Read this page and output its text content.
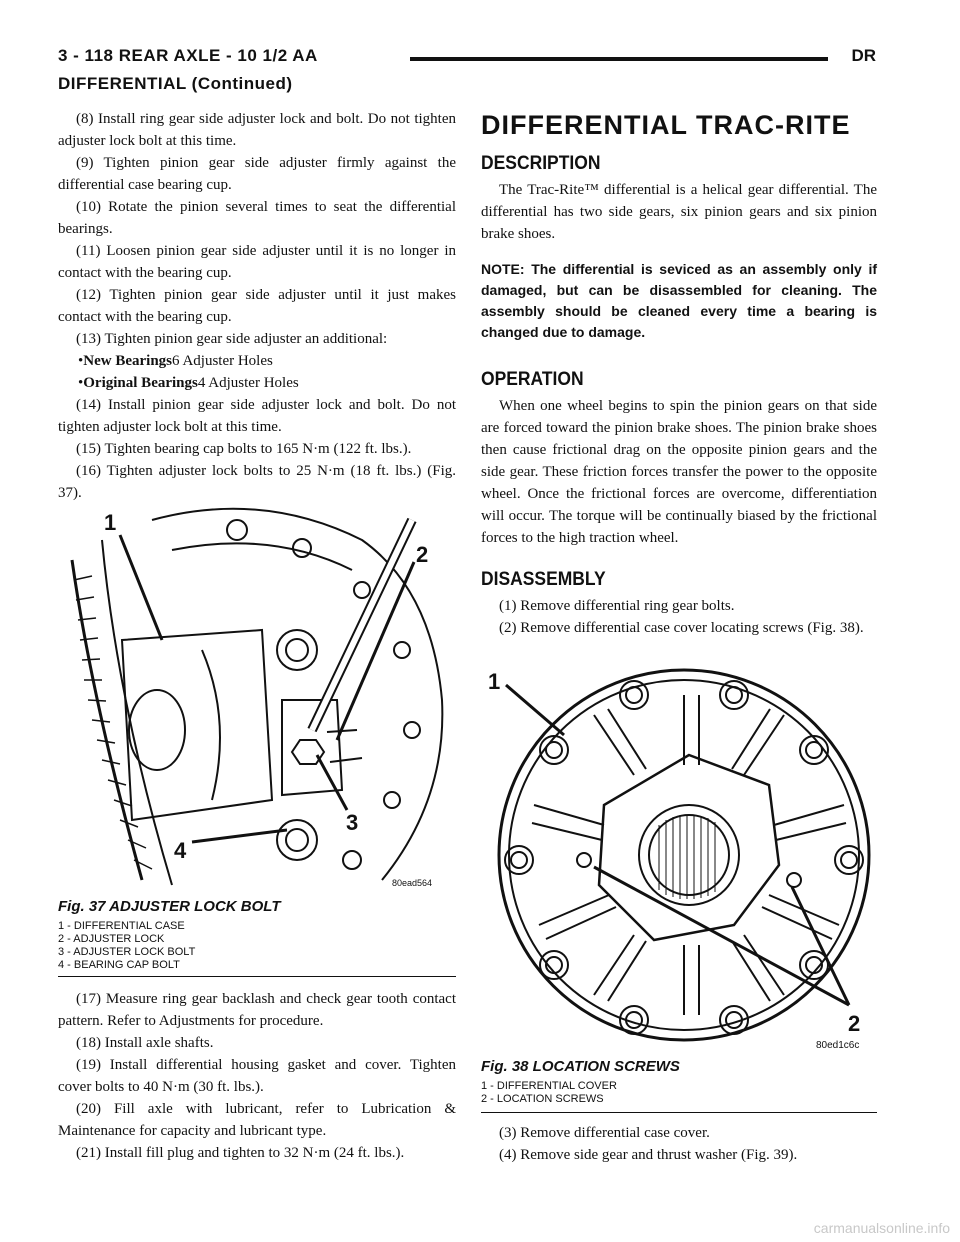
3 - 118 REAR AXLE - 10 1/2 AA	DR
DIFFERENTIAL (Continued)

(8) Install ring gear side adjuster lock and bolt. Do not tighten adjuster lock bolt at this time.

(9) Tighten pinion gear side adjuster firmly against the differential case bearing cup.

(10) Rotate the pinion several times to seat the differential bearings.

(11) Loosen pinion gear side adjuster until it is no longer in contact with the bearing cup.

(12) Tighten pinion gear side adjuster until it just makes contact with the bearing cup.

(13) Tighten pinion gear side adjuster an additional:

•New Bearings6 Adjuster Holes
•Original Bearings4 Adjuster Holes

(14) Install pinion gear side adjuster lock and bolt. Do not tighten adjuster lock bolt at this time.

(15) Tighten bearing cap bolts to 165 N·m (122 ft. lbs.).

(16) Tighten adjuster lock bolts to 25 N·m (18 ft. lbs.) (Fig. 37).

1
2
3
4
80ead564
Fig. 37 ADJUSTER LOCK BOLT
1 - DIFFERENTIAL CASE
2 - ADJUSTER LOCK
3 - ADJUSTER LOCK BOLT
4 - BEARING CAP BOLT

(17) Measure ring gear backlash and check gear tooth contact pattern. Refer to Adjustments for procedure.

(18) Install axle shafts.

(19) Install differential housing gasket and cover. Tighten cover bolts to 40 N·m (30 ft. lbs.).

(20) Fill axle with lubricant, refer to Lubrication & Maintenance for capacity and lubricant type.

(21) Install fill plug and tighten to 32 N·m (24 ft. lbs.).

DIFFERENTIAL TRAC-RITE
DESCRIPTION

The Trac-Rite™ differential is a helical gear differential. The differential has two side gears, six pinion gears and six pinion brake shoes.

NOTE: The differential is seviced as an assembly only if damaged, but can be disassembled for cleaning. The assembly should be cleaned every time a bearing is changed due to damage.
OPERATION

When one wheel begins to spin the pinion gears on that side are forced toward the pinion brake shoes. The pinion brake shoes then cause frictional drag on the opposite pinion gears and the side gear. These friction forces transfer the power to the opposite wheel. Once the frictional forces are overcome, differentiation will occur. The torque will be continually biased by the frictional forces to the high traction wheel.

DISASSEMBLY

(1) Remove differential ring gear bolts.

(2) Remove differential case cover locating screws (Fig. 38).

1
2
80ed1c6c
Fig. 38 LOCATION SCREWS
1 - DIFFERENTIAL COVER
2 - LOCATION SCREWS

(3) Remove differential case cover.

(4) Remove side gear and thrust washer (Fig. 39).

carmanualsonline.info
